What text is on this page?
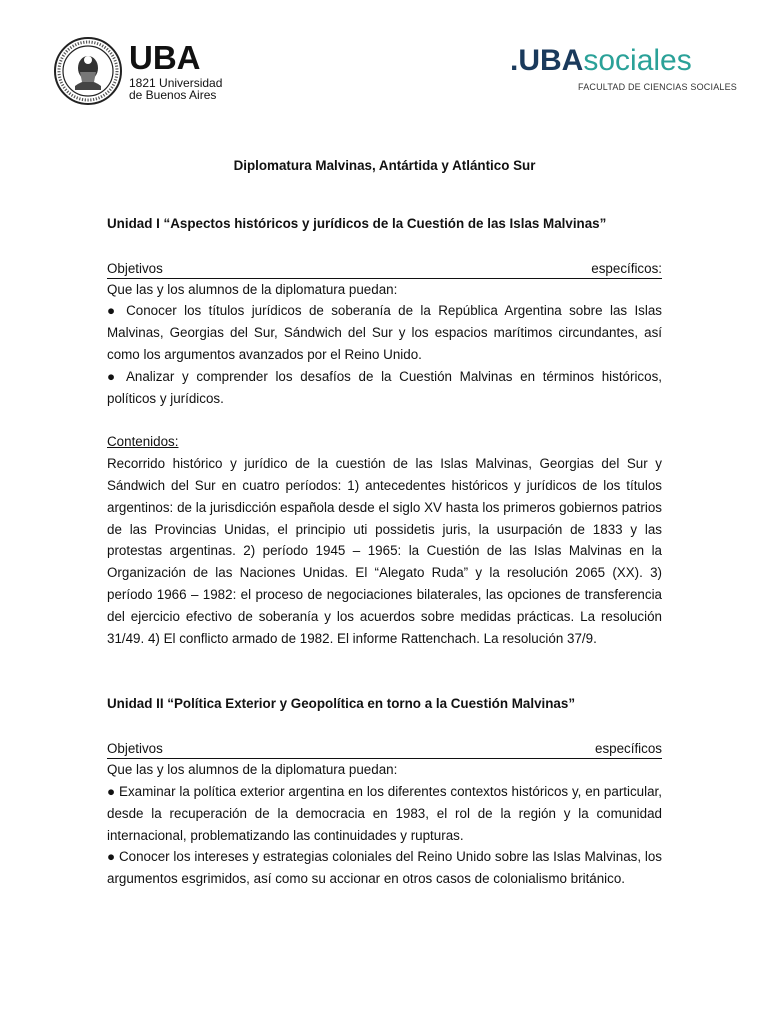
UBA
1821 Universidad
de Buenos Aires
.UBAsociales
FACULTAD DE CIENCIAS SOCIALES

Diplomatura Malvinas, Antártida y Atlántico Sur

Unidad I “Aspectos históricos y jurídicos de la Cuestión de las Islas Malvinas”

Objetivos	específicos:

Que las y los alumnos de la diplomatura puedan:

● Conocer los títulos jurídicos de soberanía de la República Argentina sobre las Islas Malvinas, Georgias del Sur, Sándwich del Sur y los espacios marítimos circundantes, así como los argumentos avanzados por el Reino Unido.

● Analizar y comprender los desafíos de la Cuestión Malvinas en términos históricos, políticos y jurídicos.

Contenidos:

Recorrido histórico y jurídico de la cuestión de las Islas Malvinas, Georgias del Sur y Sándwich del Sur en cuatro períodos: 1) antecedentes históricos y jurídicos de los títulos argentinos: de la jurisdicción española desde el siglo XV hasta los primeros gobiernos patrios de las Provincias Unidas, el principio uti possidetis juris, la usurpación de 1833 y las protestas argentinas. 2) período 1945 – 1965: la Cuestión de las Islas Malvinas en la Organización de las Naciones Unidas. El “Alegato Ruda” y la resolución 2065 (XX). 3) período 1966 – 1982: el proceso de negociaciones bilaterales, las opciones de transferencia del ejercicio efectivo de soberanía y los acuerdos sobre medidas prácticas. La resolución 31/49. 4) El conflicto armado de 1982. El informe Rattenchach. La resolución 37/9.

Unidad II “Política Exterior y Geopolítica en torno a la Cuestión Malvinas”

Objetivos	específicos

Que las y los alumnos de la diplomatura puedan:

● Examinar la política exterior argentina en los diferentes contextos históricos y, en particular, desde la recuperación de la democracia en 1983, el rol de la región y la comunidad internacional, problematizando las continuidades y rupturas.

● Conocer los intereses y estrategias coloniales del Reino Unido sobre las Islas Malvinas, los argumentos esgrimidos, así como su accionar en otros casos de colonialismo británico.
